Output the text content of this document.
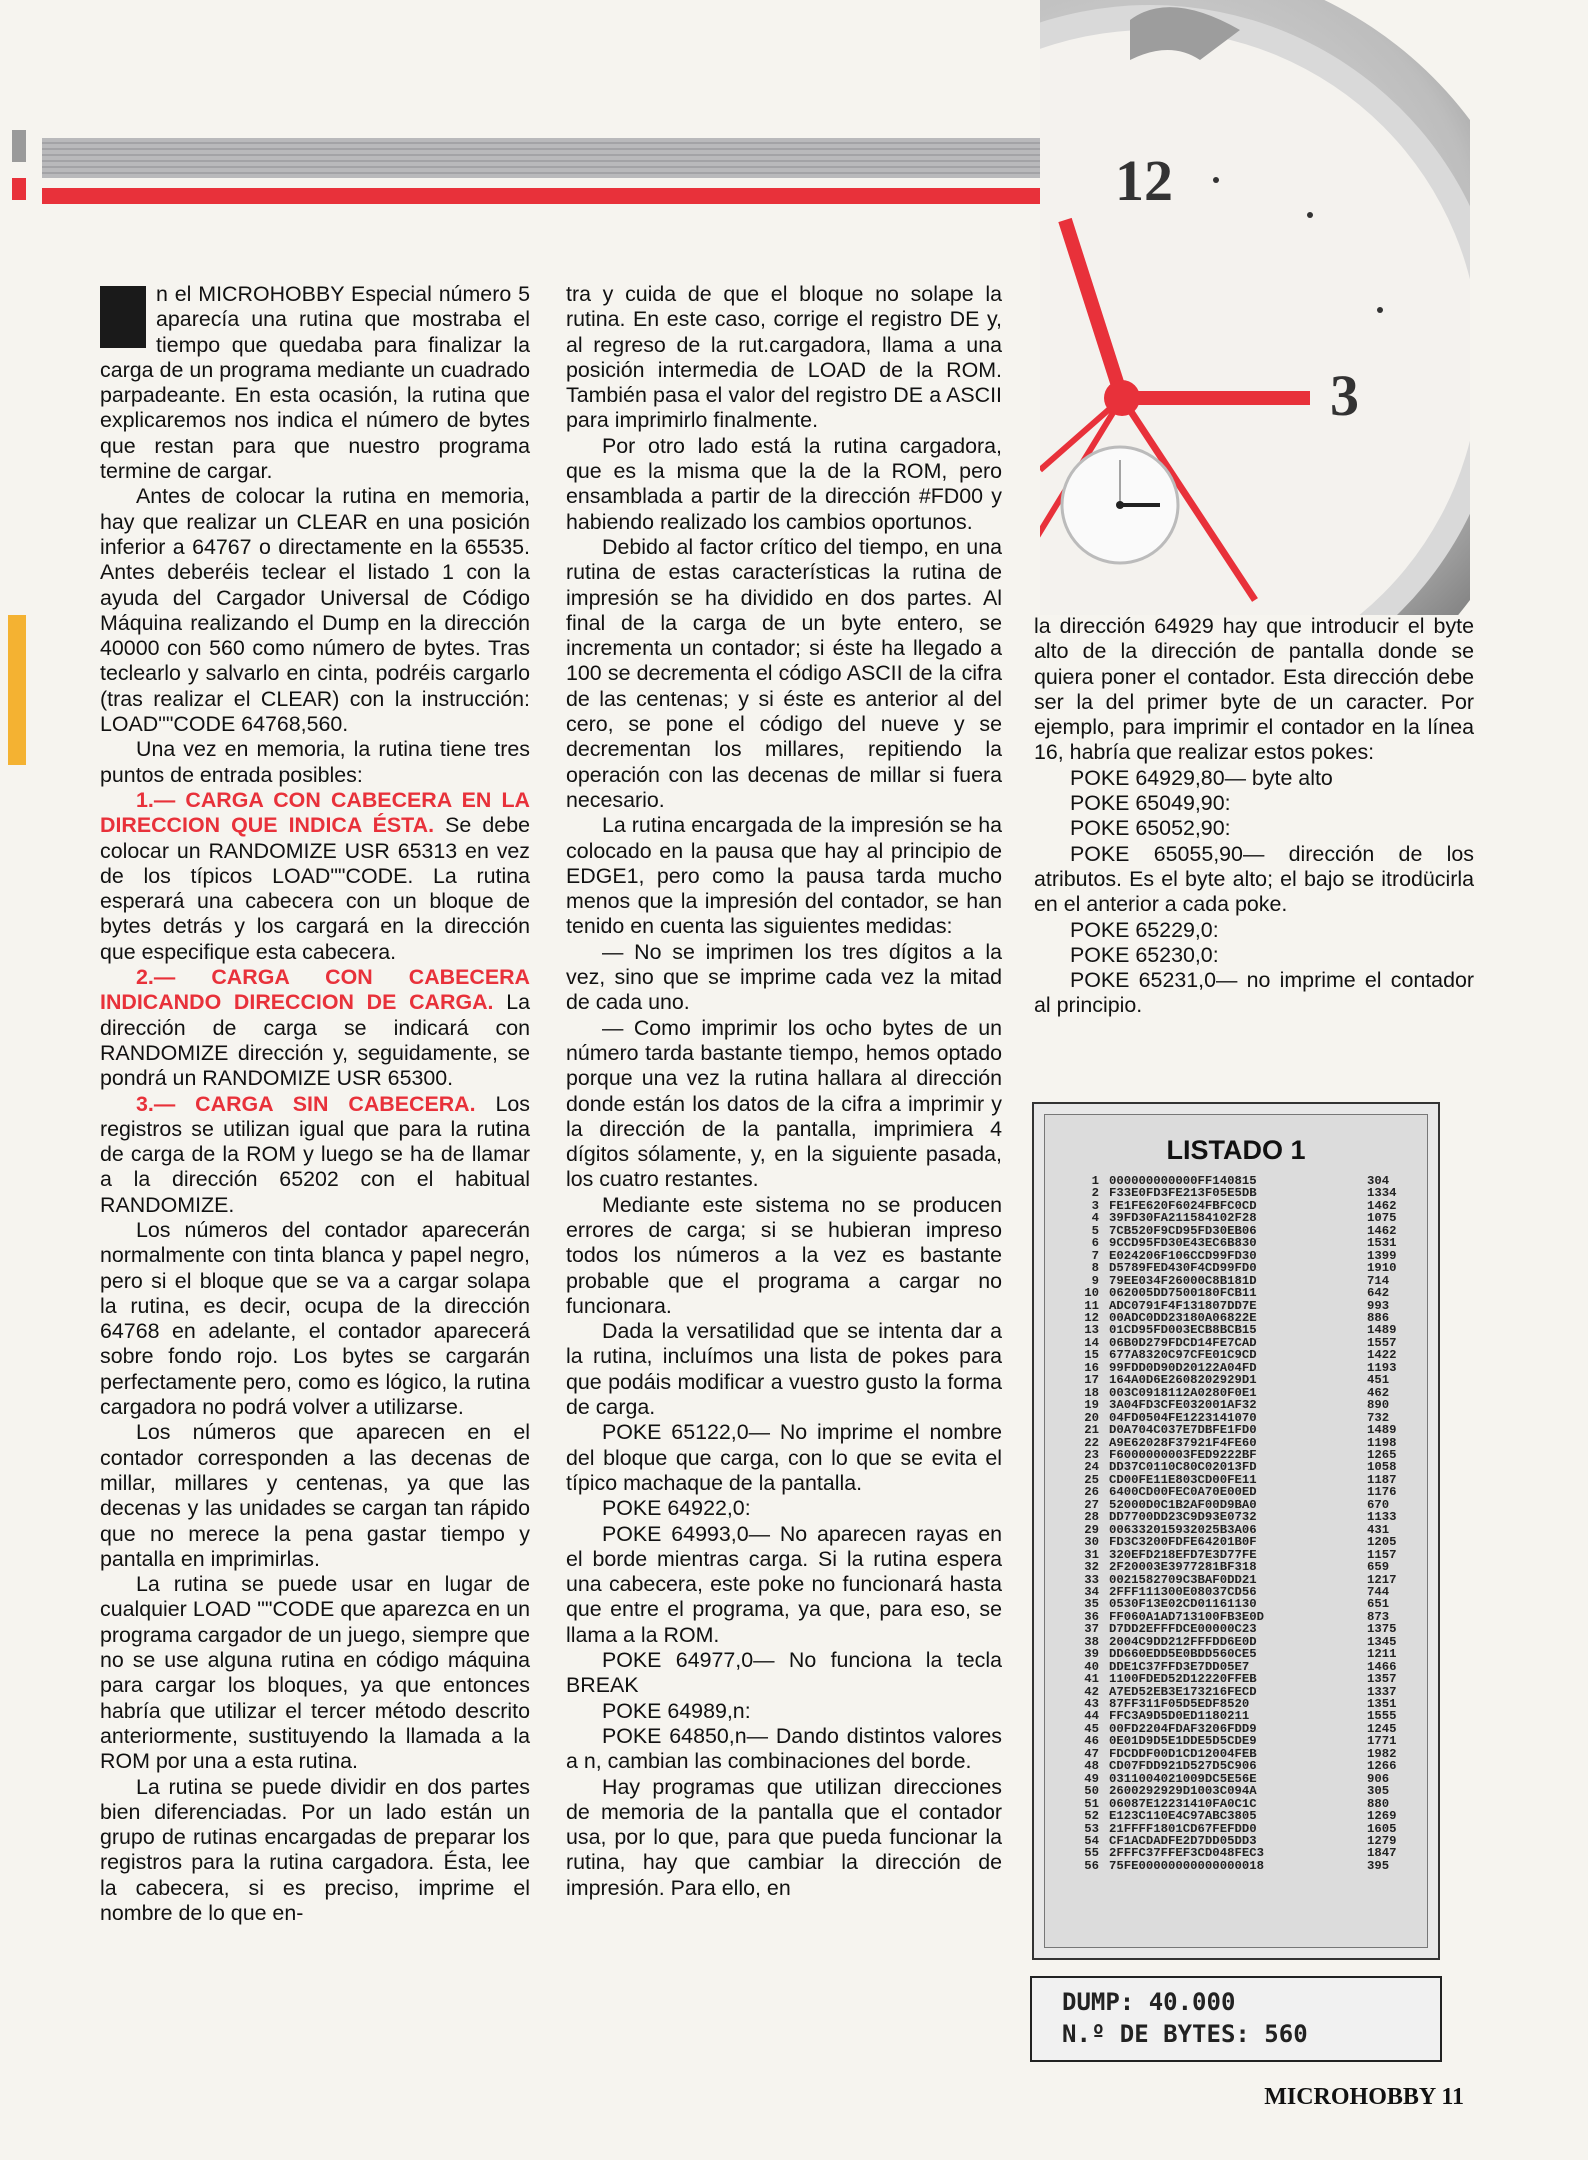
12
3

n el MICROHOBBY Especial número 5 aparecía una rutina que mostraba el tiempo que quedaba para finalizar la carga de un programa mediante un cuadrado parpadeante. En esta ocasión, la rutina que explicaremos nos indica el número de bytes que restan para que nuestro programa termine de cargar.

Antes de colocar la rutina en memoria, hay que realizar un CLEAR en una posición inferior a 64767 o directamente en la 65535. Antes deberéis teclear el listado 1 con la ayuda del Cargador Universal de Código Máquina realizando el Dump en la dirección 40000 con 560 como número de bytes. Tras teclearlo y salvarlo en cinta, podréis cargarlo (tras realizar el CLEAR) con la instrucción: LOAD""CODE 64768,560.

Una vez en memoria, la rutina tiene tres puntos de entrada posibles:

1.— CARGA CON CABECERA EN LA DIRECCION QUE INDICA ÉSTA. Se debe colocar un RANDOMIZE USR 65313 en vez de los típicos LOAD""CODE. La rutina esperará una cabecera con un bloque de bytes detrás y los cargará en la dirección que especifique esta cabecera.

2.— CARGA CON CABECERA INDICANDO DIRECCION DE CARGA. La dirección de carga se indicará con RANDOMIZE dirección y, seguidamente, se pondrá un RANDOMIZE USR 65300.

3.— CARGA SIN CABECERA. Los registros se utilizan igual que para la rutina de carga de la ROM y luego se ha de llamar a la dirección 65202 con el habitual RANDOMIZE.

Los números del contador aparecerán normalmente con tinta blanca y papel negro, pero si el bloque que se va a cargar solapa la rutina, es decir, ocupa de la dirección 64768 en adelante, el contador aparecerá sobre fondo rojo. Los bytes se cargarán perfectamente pero, como es lógico, la rutina cargadora no podrá volver a utilizarse.

Los números que aparecen en el contador corresponden a las decenas de millar, millares y centenas, ya que las decenas y las unidades se cargan tan rápido que no merece la pena gastar tiempo y pantalla en imprimirlas.

La rutina se puede usar en lugar de cualquier LOAD ""CODE que aparezca en un programa cargador de un juego, siempre que no se use alguna rutina en código máquina para cargar los bloques, ya que entonces habría que utilizar el tercer método descrito anteriormente, sustituyendo la llamada a la ROM por una a esta rutina.

La rutina se puede dividir en dos partes bien diferenciadas. Por un lado están un grupo de rutinas encargadas de preparar los registros para la rutina cargadora. Ésta, lee la cabecera, si es preciso, imprime el nombre de lo que en-

tra y cuida de que el bloque no solape la rutina. En este caso, corrige el registro DE y, al regreso de la rut.cargadora, llama a una posición intermedia de LOAD de la ROM. También pasa el valor del registro DE a ASCII para imprimirlo finalmente.

Por otro lado está la rutina cargadora, que es la misma que la de la ROM, pero ensamblada a partir de la dirección #FD00 y habiendo realizado los cambios oportunos.

Debido al factor crítico del tiempo, en una rutina de estas características la rutina de impresión se ha dividido en dos partes. Al final de la carga de un byte entero, se incrementa un contador; si éste ha llegado a 100 se decrementa el código ASCII de la cifra de las centenas; y si éste es anterior al del cero, se pone el código del nueve y se decrementan los millares, repitiendo la operación con las decenas de millar si fuera necesario.

La rutina encargada de la impresión se ha colocado en la pausa que hay al principio de EDGE1, pero como la pausa tarda mucho menos que la impresión del contador, se han tenido en cuenta las siguientes medidas:

— No se imprimen los tres dígitos a la vez, sino que se imprime cada vez la mitad de cada uno.

— Como imprimir los ocho bytes de un número tarda bastante tiempo, hemos optado porque una vez la rutina hallara al dirección donde están los datos de la cifra a imprimir y la dirección de la pantalla, imprimiera 4 dígitos sólamente, y, en la siguiente pasada, los cuatro restantes.

Mediante este sistema no se producen errores de carga; si se hubieran impreso todos los números a la vez es bastante probable que el programa a cargar no funcionara.

Dada la versatilidad que se intenta dar a la rutina, incluímos una lista de pokes para que podáis modificar a vuestro gusto la forma de carga.

POKE 65122,0— No imprime el nombre del bloque que carga, con lo que se evita el típico machaque de la pantalla.

POKE 64922,0:

POKE 64993,0— No aparecen rayas en el borde mientras carga. Si la rutina espera una cabecera, este poke no funcionará hasta que entre el programa, ya que, para eso, se llama a la ROM.

POKE 64977,0— No funciona la tecla BREAK

POKE 64989,n:

POKE 64850,n— Dando distintos valores a n, cambian las combinaciones del borde.

Hay programas que utilizan direcciones de memoria de la pantalla que el contador usa, por lo que, para que pueda funcionar la rutina, hay que cambiar la dirección de impresión. Para ello, en

la dirección 64929 hay que introducir el byte alto de la dirección de pantalla donde se quiera poner el contador. Esta dirección debe ser la del primer byte de un caracter. Por ejemplo, para imprimir el contador en la línea 16, habría que realizar estos pokes:

POKE 64929,80— byte alto

POKE 65049,90:

POKE 65052,90:

POKE 65055,90— dirección de los atributos. Es el byte alto; el bajo se itrodücirla en el anterior a cada poke.

POKE 65229,0:

POKE 65230,0:

POKE 65231,0— no imprime el contador al principio.

LISTADO 1
1 000000000000FF140815	304
2 F33E0FD3FE213F05E5DB	1334
3 FE1FE620F6024FBFC0CD	1462
4 39FD30FA211584102F28	1075
5 7CB520F9CD95FD30EB06	1462
6 9CCD95FD30E43EC6B830	1531
7 E024206F106CCD99FD30	1399
8 D5789FED430F4CD99FD0	1910
9 79EE034F26000C8B181D	714
10 062005DD7500180FCB11	642
11 ADC0791F4F131807DD7E	993
12 00ADC0DD23180A06822E	886
13 01CD95FD003ECB8BCB15	1489
14 06B0D279FDCD14FE7CAD	1557
15 677A8320C97CFE01C9CD	1422
16 99FDD0D90D20122A04FD	1193
17 164A0D6E2608202929D1	451
18 003C0918112A0280F0E1	462
19 3A04FD3CFE032001AF32	890
20 04FD0504FE1223141070	732
21 D0A704C037E7DBFE1FD0	1489
22 A9E62028F37921F4FE60	1198
23 F6000000003FED9222BF	1265
24 DD37C0110C80C02013FD	1058
25 CD00FE11E803CD00FE11	1187
26 6400CD00FEC0A70E00ED	1176
27 52000D0C1B2AF00D9BA0	670
28 DD7700DD23C9D93E0732	1133
29 006332015932025B3A06	431
30 FD3C3200FDFE64201B0F	1205
31 320EFD218EFD7E3D77FE	1157
32 2F20003E3977281BF318	659
33 0021582709C3BAF0DD21	1217
34 2FFF111300E08037CD56	744
35 0530F13E02CD01161130	651
36 FF060A1AD713100FB3E0D	873
37 D7DD2EFFFDCE00000C23	1375
38 2004C9DD212FFFDD6E0D	1345
39 DD660EDD5E0BDD560CE5	1211
40 DDE1C37FFD3E7DD05E7	1466
41 1100FDED52D12220FFEB	1357
42 A7ED52EB3E173216FECD	1337
43 87FF311F05D5EDF8520	1351
44 FFC3A9D5D0ED1180211	1555
45 00FD2204FDAF3206FDD9	1245
46 0E01D9D5E1DDE5D5CDE9	1771
47 FDCDDF00D1CD12004FEB	1982
48 CD07FDD921D527D5C906	1266
49 0311004021009DC5E56E	906
50 2600292929D1003C094A	305
51 06087E12231410FA0C1C	880
52 E123C110E4C97ABC3805	1269
53 21FFFF1801CD67FEFDD0	1605
54 CF1ACDADFE2D7DD05DD3	1279
55 2FFFC37FFEF3CD048FEC3	1847
56 75FE00000000000000018	395
DUMP: 40.000
N.º DE BYTES: 560
MICROHOBBY 11
